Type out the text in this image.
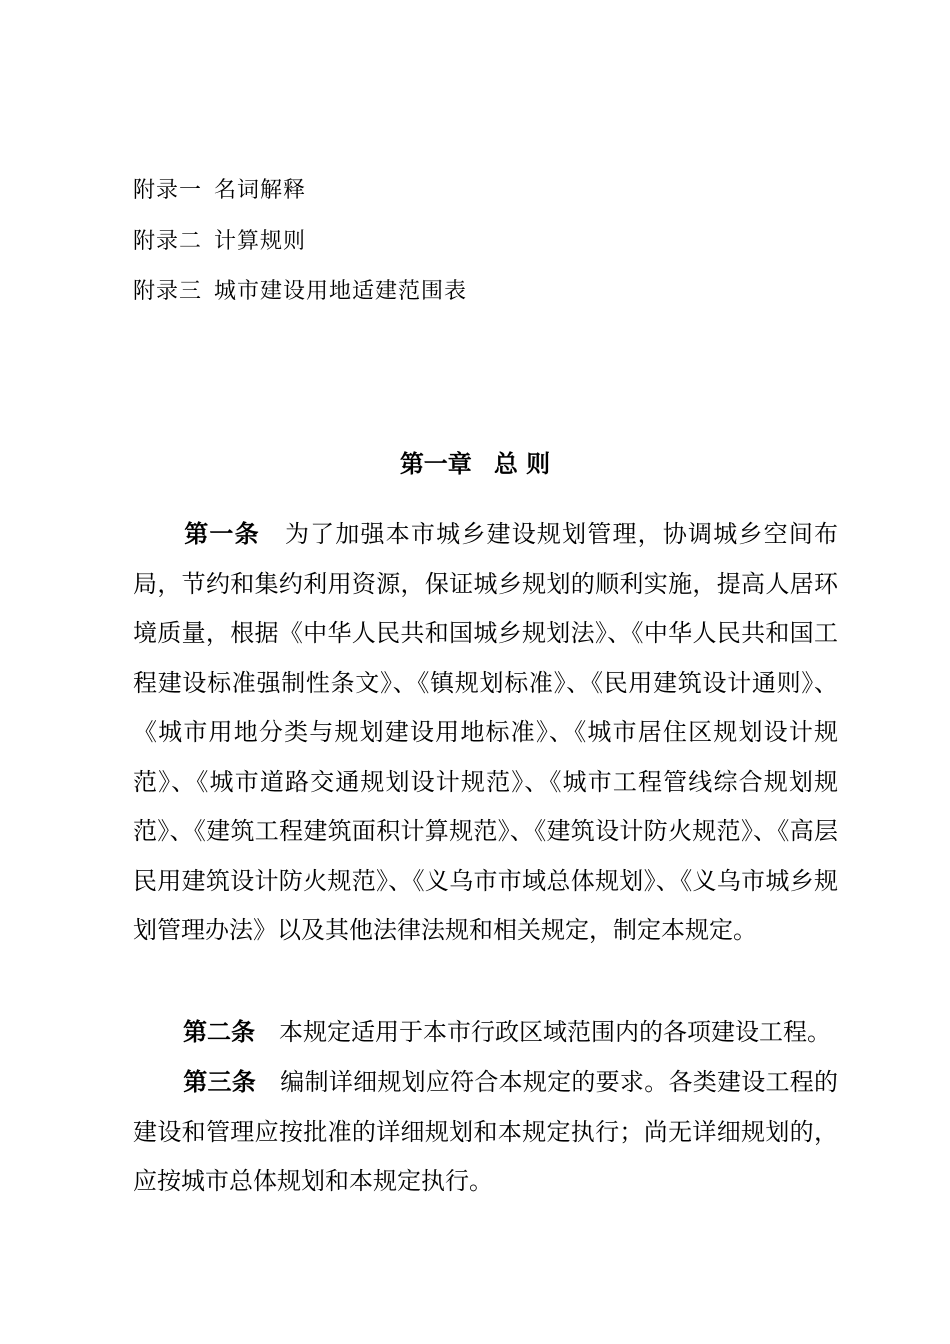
附录一 名词解释
附录二 计算规则
附录三 城市建设用地适建范围表
第一章 总 则
第一条　为了加强本市城乡建设规划管理，协调城乡空间布局，节约和集约利用资源，保证城乡规划的顺利实施，提高人居环境质量，根据《中华人民共和国城乡规划法》、《中华人民共和国工程建设标准强制性条文》、《镇规划标准》、《民用建筑设计通则》、《城市用地分类与规划建设用地标准》、《城市居住区规划设计规范》、《城市道路交通规划设计规范》、《城市工程管线综合规划规范》、《建筑工程建筑面积计算规范》、《建筑设计防火规范》、《高层民用建筑设计防火规范》、《义乌市市域总体规划》、《义乌市城乡规划管理办法》以及其他法律法规和相关规定，制定本规定。
第二条 本规定适用于本市行政区域范围内的各项建设工程。
第三条 编制详细规划应符合本规定的要求。各类建设工程的建设和管理应按批准的详细规划和本规定执行；尚无详细规划的，应按城市总体规划和本规定执行。
